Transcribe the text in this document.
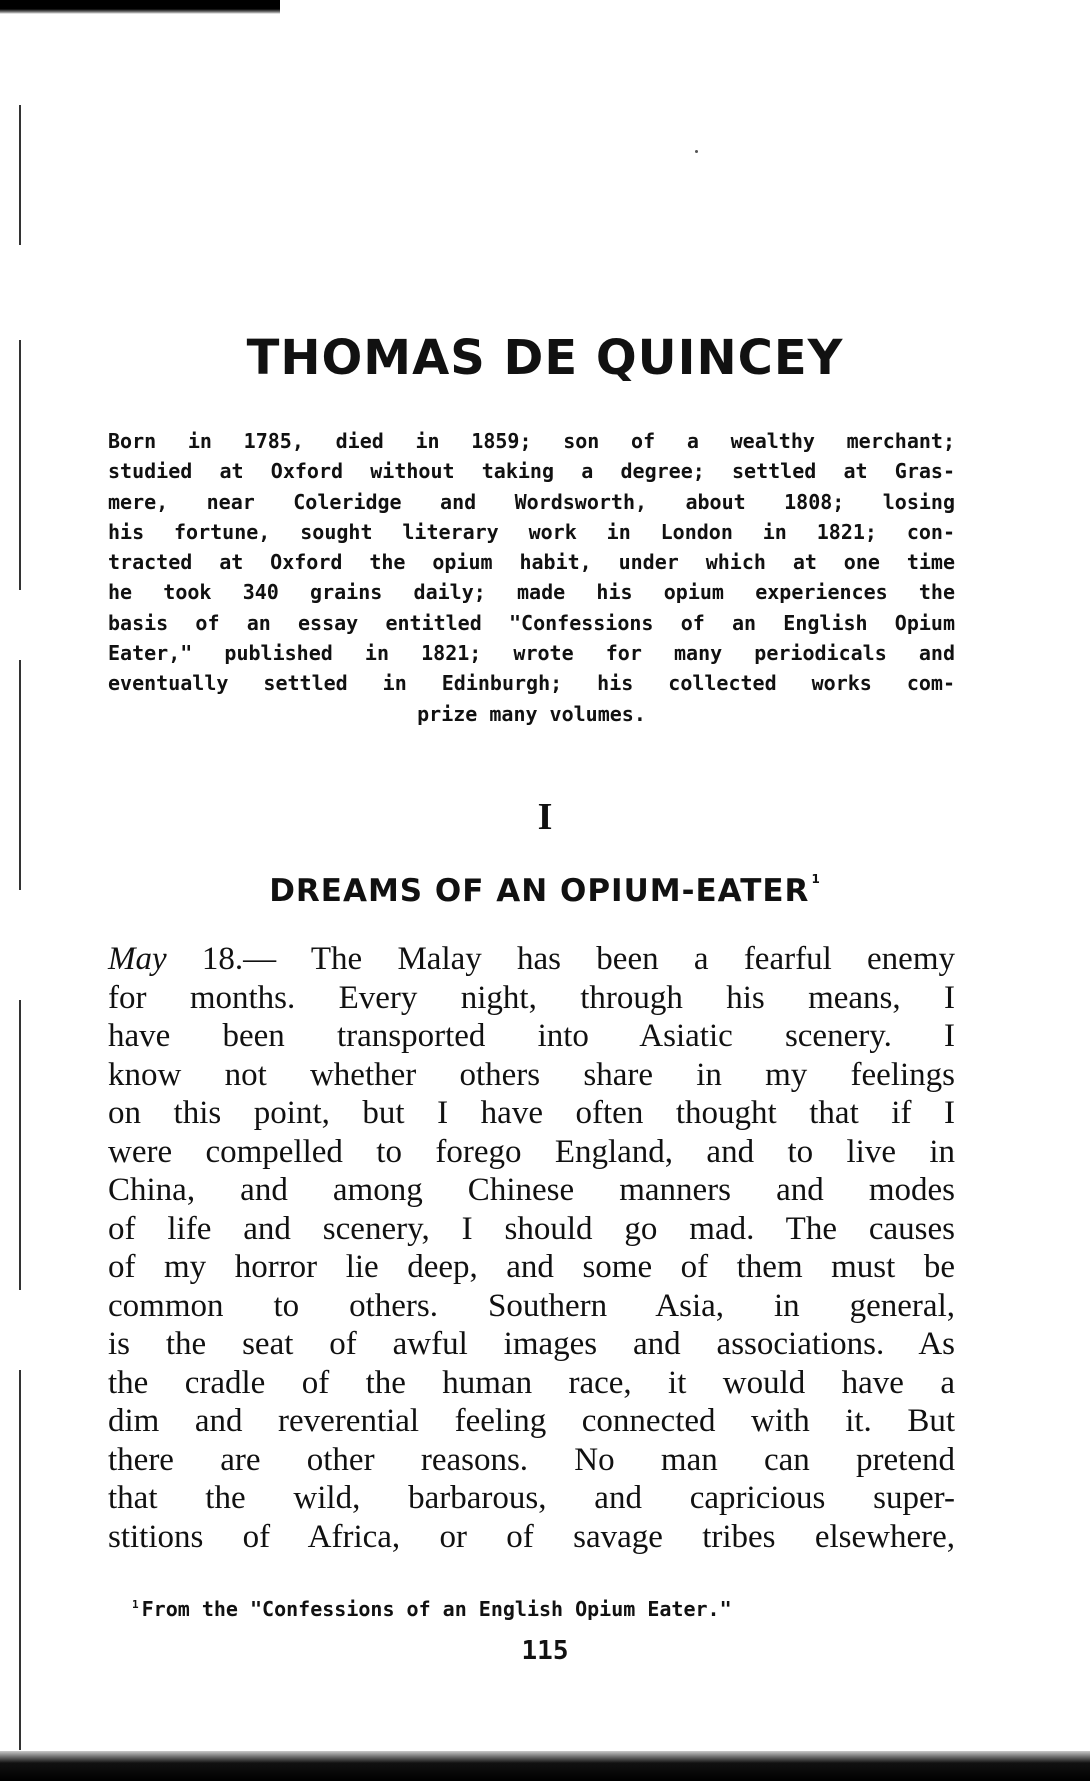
THOMAS DE QUINCEY
Born in 1785, died in 1859; son of a wealthy merchant;
studied at Oxford without taking a degree; settled at Gras-
mere, near Coleridge and Wordsworth, about 1808; losing
his fortune, sought literary work in London in 1821; con-
tracted at Oxford the opium habit, under which at one time
he took 340 grains daily; made his opium experiences the
basis of an essay entitled "Confessions of an English Opium
Eater," published in 1821; wrote for many periodicals and
eventually settled in Edinburgh; his collected works com-
prize many volumes.
I
DREAMS OF AN OPIUM-EATER $^1$
May 18.— The Malay has been a fearful enemy
for months. Every night, through his means, I
have been transported into Asiatic scenery. I
know not whether others share in my feelings
on this point, but I have often thought that if I
were compelled to forego England, and to live in
China, and among Chinese manners and modes
of life and scenery, I should go mad. The causes
of my horror lie deep, and some of them must be
common to others. Southern Asia, in general,
is the seat of awful images and associations. As
the cradle of the human race, it would have a
dim and reverential feeling connected with it. But
there are other reasons. No man can pretend
that the wild, barbarous, and capricious super-
stitions of Africa, or of savage tribes elsewhere,
$^1$ From the "Confessions of an English Opium Eater."
115
